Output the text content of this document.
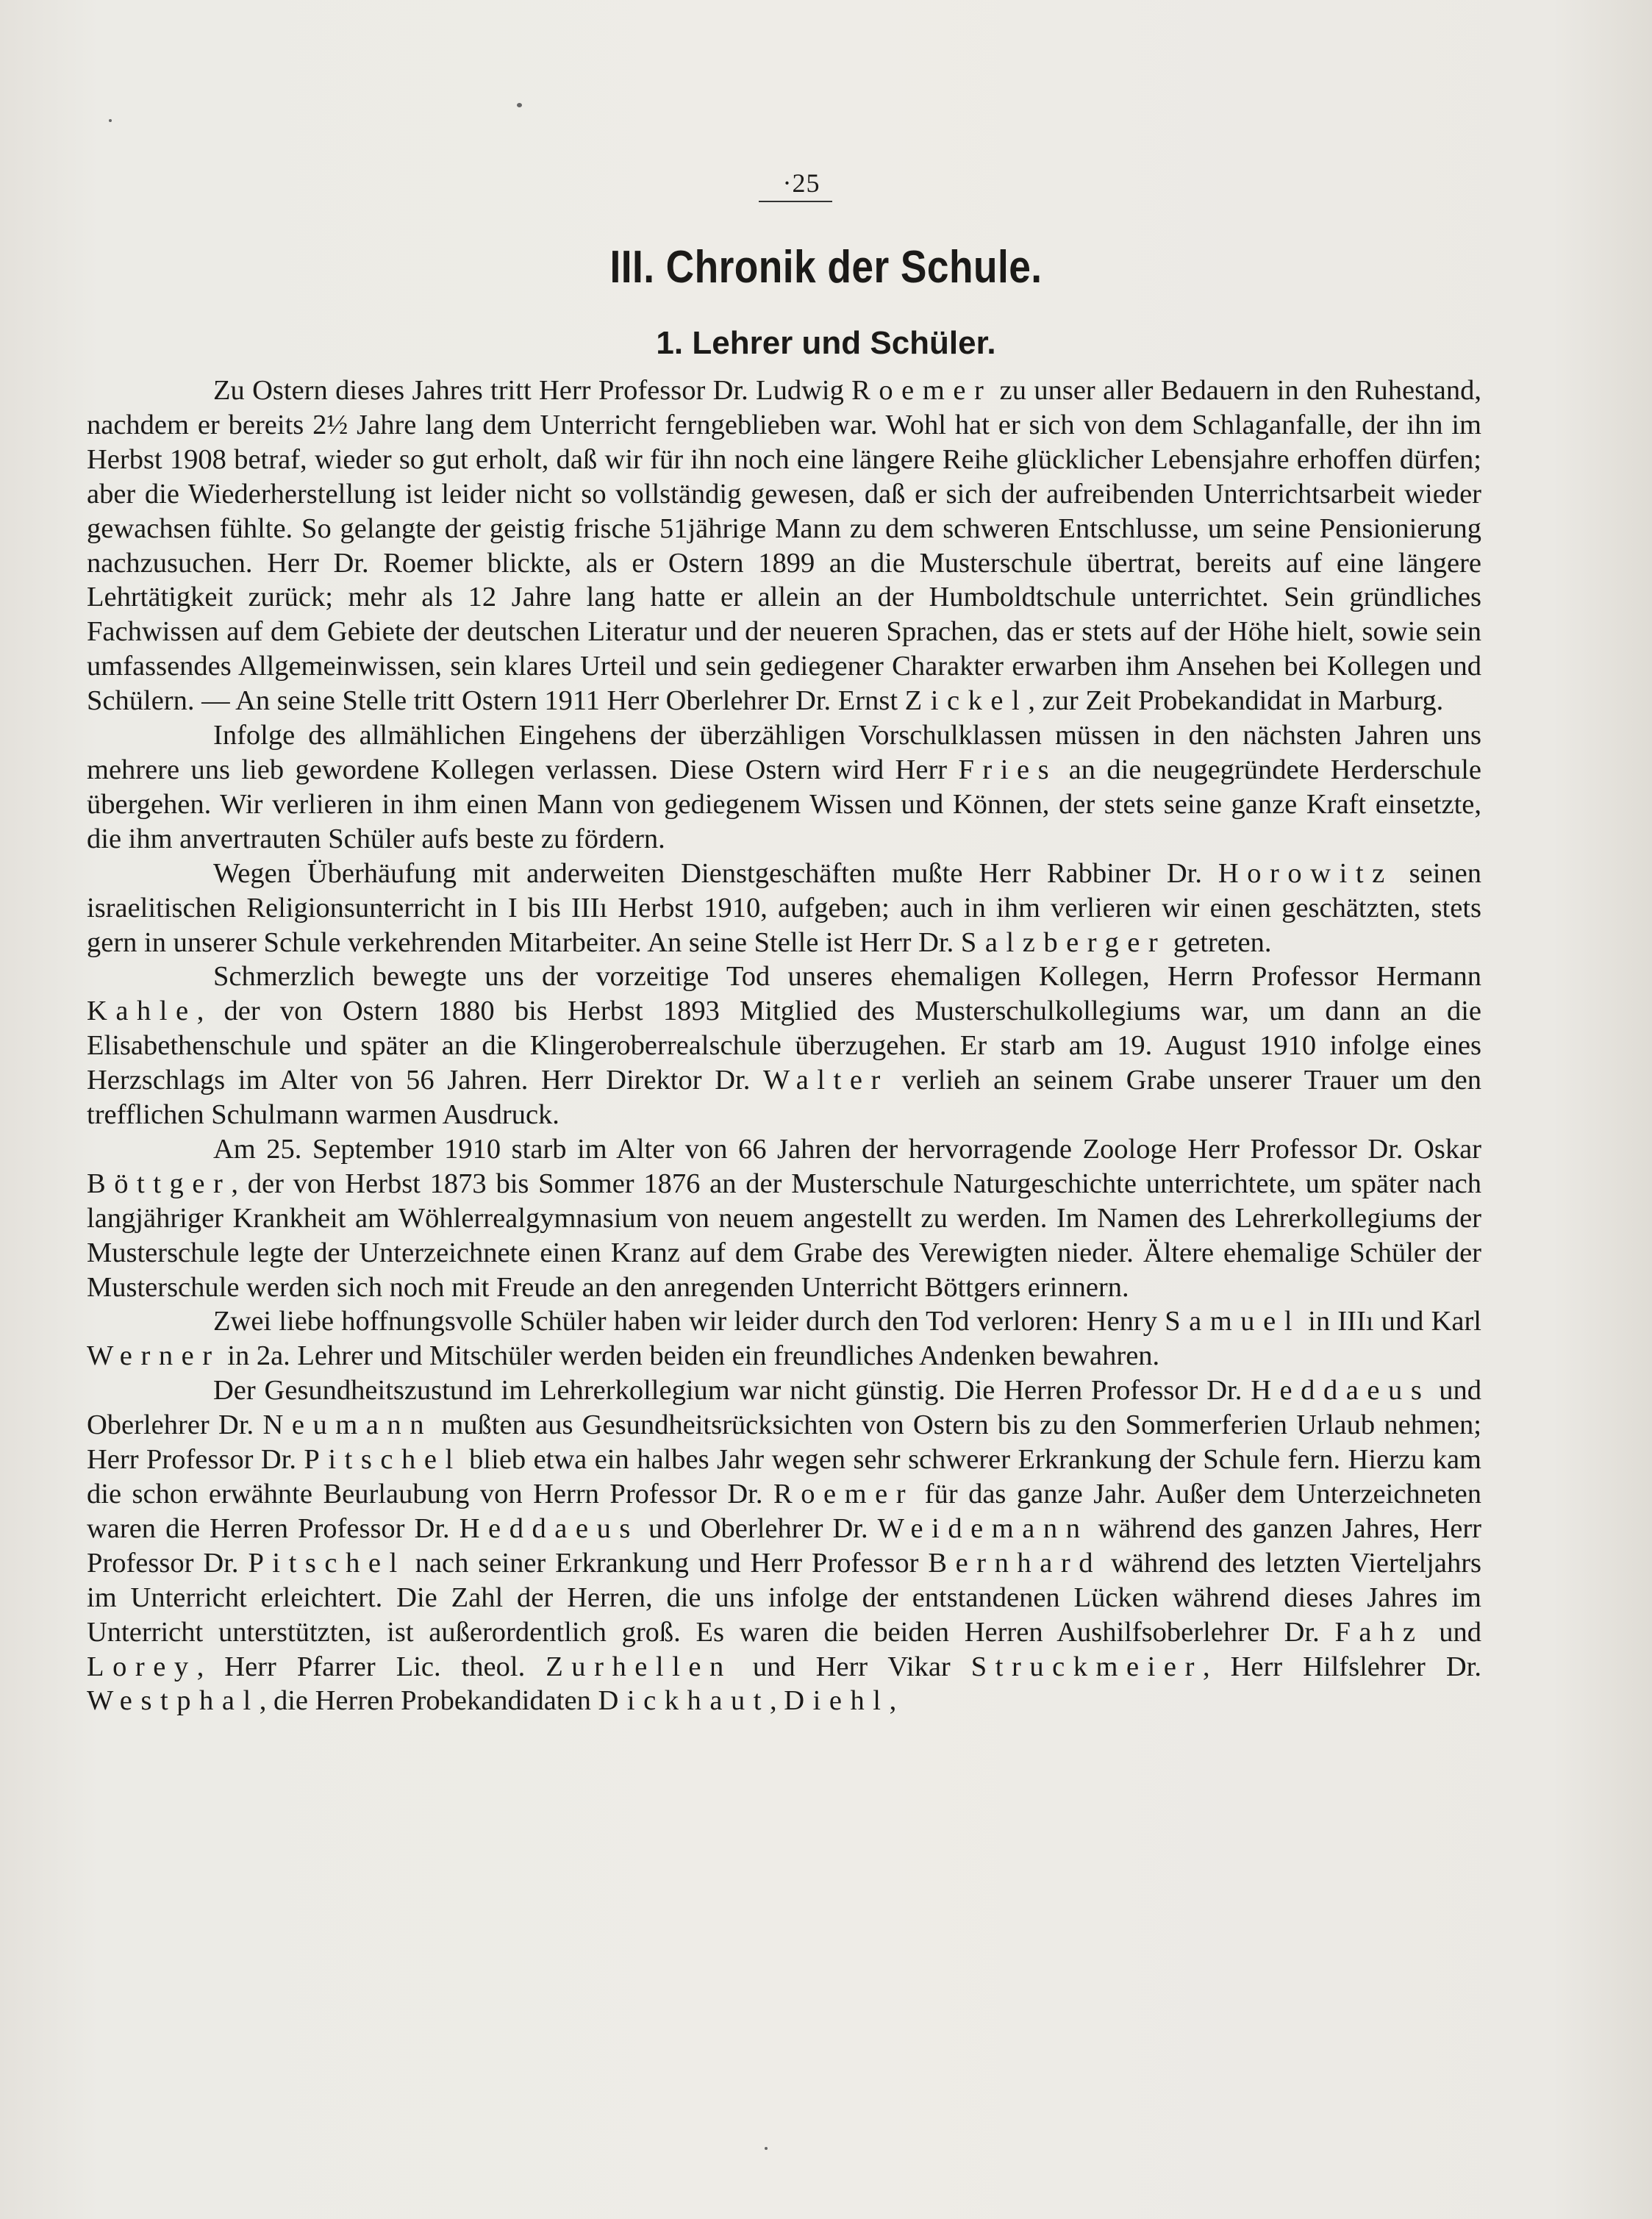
·25
III. Chronik der Schule.
1. Lehrer und Schüler.

Zu Ostern dieses Jahres tritt Herr Professor Dr. Ludwig Roemer zu unser aller Bedauern in den Ruhestand, nachdem er bereits 2½ Jahre lang dem Unterricht ferngeblieben war. Wohl hat er sich von dem Schlaganfalle, der ihn im Herbst 1908 betraf, wieder so gut erholt, daß wir für ihn noch eine längere Reihe glücklicher Lebensjahre erhoffen dürfen; aber die Wiederherstellung ist leider nicht so vollständig gewesen, daß er sich der aufreibenden Unterrichtsarbeit wieder gewachsen fühlte. So gelangte der geistig frische 51jährige Mann zu dem schweren Entschlusse, um seine Pensionierung nachzusuchen. Herr Dr. Roemer blickte, als er Ostern 1899 an die Musterschule übertrat, bereits auf eine längere Lehrtätigkeit zurück; mehr als 12 Jahre lang hatte er allein an der Humboldtschule unterrichtet. Sein gründliches Fachwissen auf dem Gebiete der deutschen Literatur und der neueren Sprachen, das er stets auf der Höhe hielt, sowie sein umfassendes Allgemeinwissen, sein klares Urteil und sein gediegener Charakter erwarben ihm Ansehen bei Kollegen und Schülern. — An seine Stelle tritt Ostern 1911 Herr Oberlehrer Dr. Ernst Zickel, zur Zeit Probekandidat in Marburg.

Infolge des allmählichen Eingehens der überzähligen Vorschulklassen müssen in den nächsten Jahren uns mehrere uns lieb gewordene Kollegen verlassen. Diese Ostern wird Herr Fries an die neugegründete Herderschule übergehen. Wir verlieren in ihm einen Mann von gediegenem Wissen und Können, der stets seine ganze Kraft einsetzte, die ihm anvertrauten Schüler aufs beste zu fördern.

Wegen Überhäufung mit anderweiten Dienstgeschäften mußte Herr Rabbiner Dr. Horowitz seinen israelitischen Religionsunterricht in I bis IIIı Herbst 1910, aufgeben; auch in ihm verlieren wir einen geschätzten, stets gern in unserer Schule verkehrenden Mitarbeiter. An seine Stelle ist Herr Dr. Salzberger getreten.

Schmerzlich bewegte uns der vorzeitige Tod unseres ehemaligen Kollegen, Herrn Professor Hermann Kahle, der von Ostern 1880 bis Herbst 1893 Mitglied des Musterschulkollegiums war, um dann an die Elisabethenschule und später an die Klingeroberrealschule überzugehen. Er starb am 19. August 1910 infolge eines Herzschlags im Alter von 56 Jahren. Herr Direktor Dr. Walter verlieh an seinem Grabe unserer Trauer um den trefflichen Schulmann warmen Ausdruck.

Am 25. September 1910 starb im Alter von 66 Jahren der hervorragende Zoologe Herr Professor Dr. Oskar Böttger, der von Herbst 1873 bis Sommer 1876 an der Musterschule Naturgeschichte unterrichtete, um später nach langjähriger Krankheit am Wöhlerrealgymnasium von neuem angestellt zu werden. Im Namen des Lehrerkollegiums der Musterschule legte der Unterzeichnete einen Kranz auf dem Grabe des Verewigten nieder. Ältere ehemalige Schüler der Musterschule werden sich noch mit Freude an den anregenden Unterricht Böttgers erinnern.

Zwei liebe hoffnungsvolle Schüler haben wir leider durch den Tod verloren: Henry Samuel in IIIı und Karl Werner in 2a. Lehrer und Mitschüler werden beiden ein freundliches Andenken bewahren.

Der Gesundheitszustund im Lehrerkollegium war nicht günstig. Die Herren Professor Dr. Heddaeus und Oberlehrer Dr. Neumann mußten aus Gesundheitsrücksichten von Ostern bis zu den Sommerferien Urlaub nehmen; Herr Professor Dr. Pitschel blieb etwa ein halbes Jahr wegen sehr schwerer Erkrankung der Schule fern. Hierzu kam die schon erwähnte Beurlaubung von Herrn Professor Dr. Roemer für das ganze Jahr. Außer dem Unterzeichneten waren die Herren Professor Dr. Heddaeus und Oberlehrer Dr. Weidemann während des ganzen Jahres, Herr Professor Dr. Pitschel nach seiner Erkrankung und Herr Professor Bernhard während des letzten Vierteljahrs im Unterricht erleichtert. Die Zahl der Herren, die uns infolge der entstandenen Lücken während dieses Jahres im Unterricht unterstützten, ist außerordentlich groß. Es waren die beiden Herren Aushilfsoberlehrer Dr. Fahz und Lorey, Herr Pfarrer Lic. theol. Zurhellen und Herr Vikar Struckmeier, Herr Hilfslehrer Dr. Westphal, die Herren Probekandidaten Dickhaut, Diehl,
